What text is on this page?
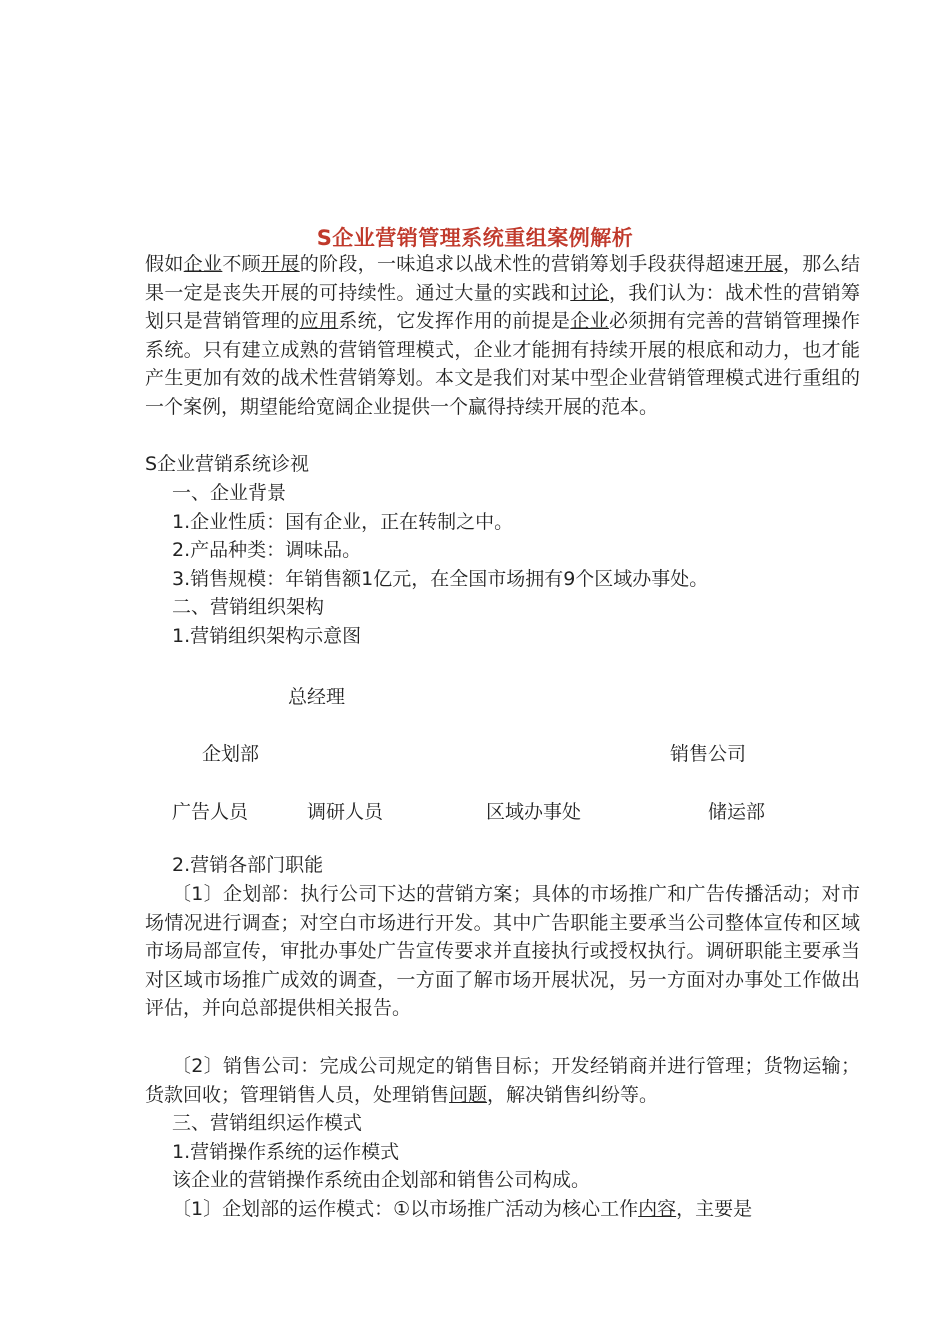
S企业营销管理系统重组案例解析

假如企业不顾开展的阶段，一味追求以战术性的营销筹划手段获得超速开展，那么结果一定是丧失开展的可持续性。通过大量的实践和讨论，我们认为：战术性的营销筹划只是营销管理的应用系统，它发挥作用的前提是企业必须拥有完善的营销管理操作系统。只有建立成熟的营销管理模式，企业才能拥有持续开展的根底和动力，也才能产生更加有效的战术性营销筹划。本文是我们对某中型企业营销管理模式进行重组的一个案例，期望能给宽阔企业提供一个赢得持续开展的范本。

S企业营销系统诊视
一、企业背景
1.企业性质：国有企业，正在转制之中。
2.产品种类：调味品。
3.销售规模：年销售额1亿元，在全国市场拥有9个区域办事处。
二、营销组织架构
1.营销组织架构示意图
总经理
企划部	销售公司
广告人员	调研人员	区域办事处	储运部
2.营销各部门职能

〔1〕企划部：执行公司下达的营销方案；具体的市场推广和广告传播活动；对市场情况进行调查；对空白市场进行开发。其中广告职能主要承当公司整体宣传和区域市场局部宣传，审批办事处广告宣传要求并直接执行或授权执行。调研职能主要承当对区域市场推广成效的调查，一方面了解市场开展状况，另一方面对办事处工作做出评估，并向总部提供相关报告。

〔2〕销售公司：完成公司规定的销售目标；开发经销商并进行管理；货物运输；货款回收；管理销售人员，处理销售问题，解决销售纠纷等。

三、营销组织运作模式
1.营销操作系统的运作模式
该企业的营销操作系统由企划部和销售公司构成。
〔1〕企划部的运作模式：①以市场推广活动为核心工作内容，主要是
